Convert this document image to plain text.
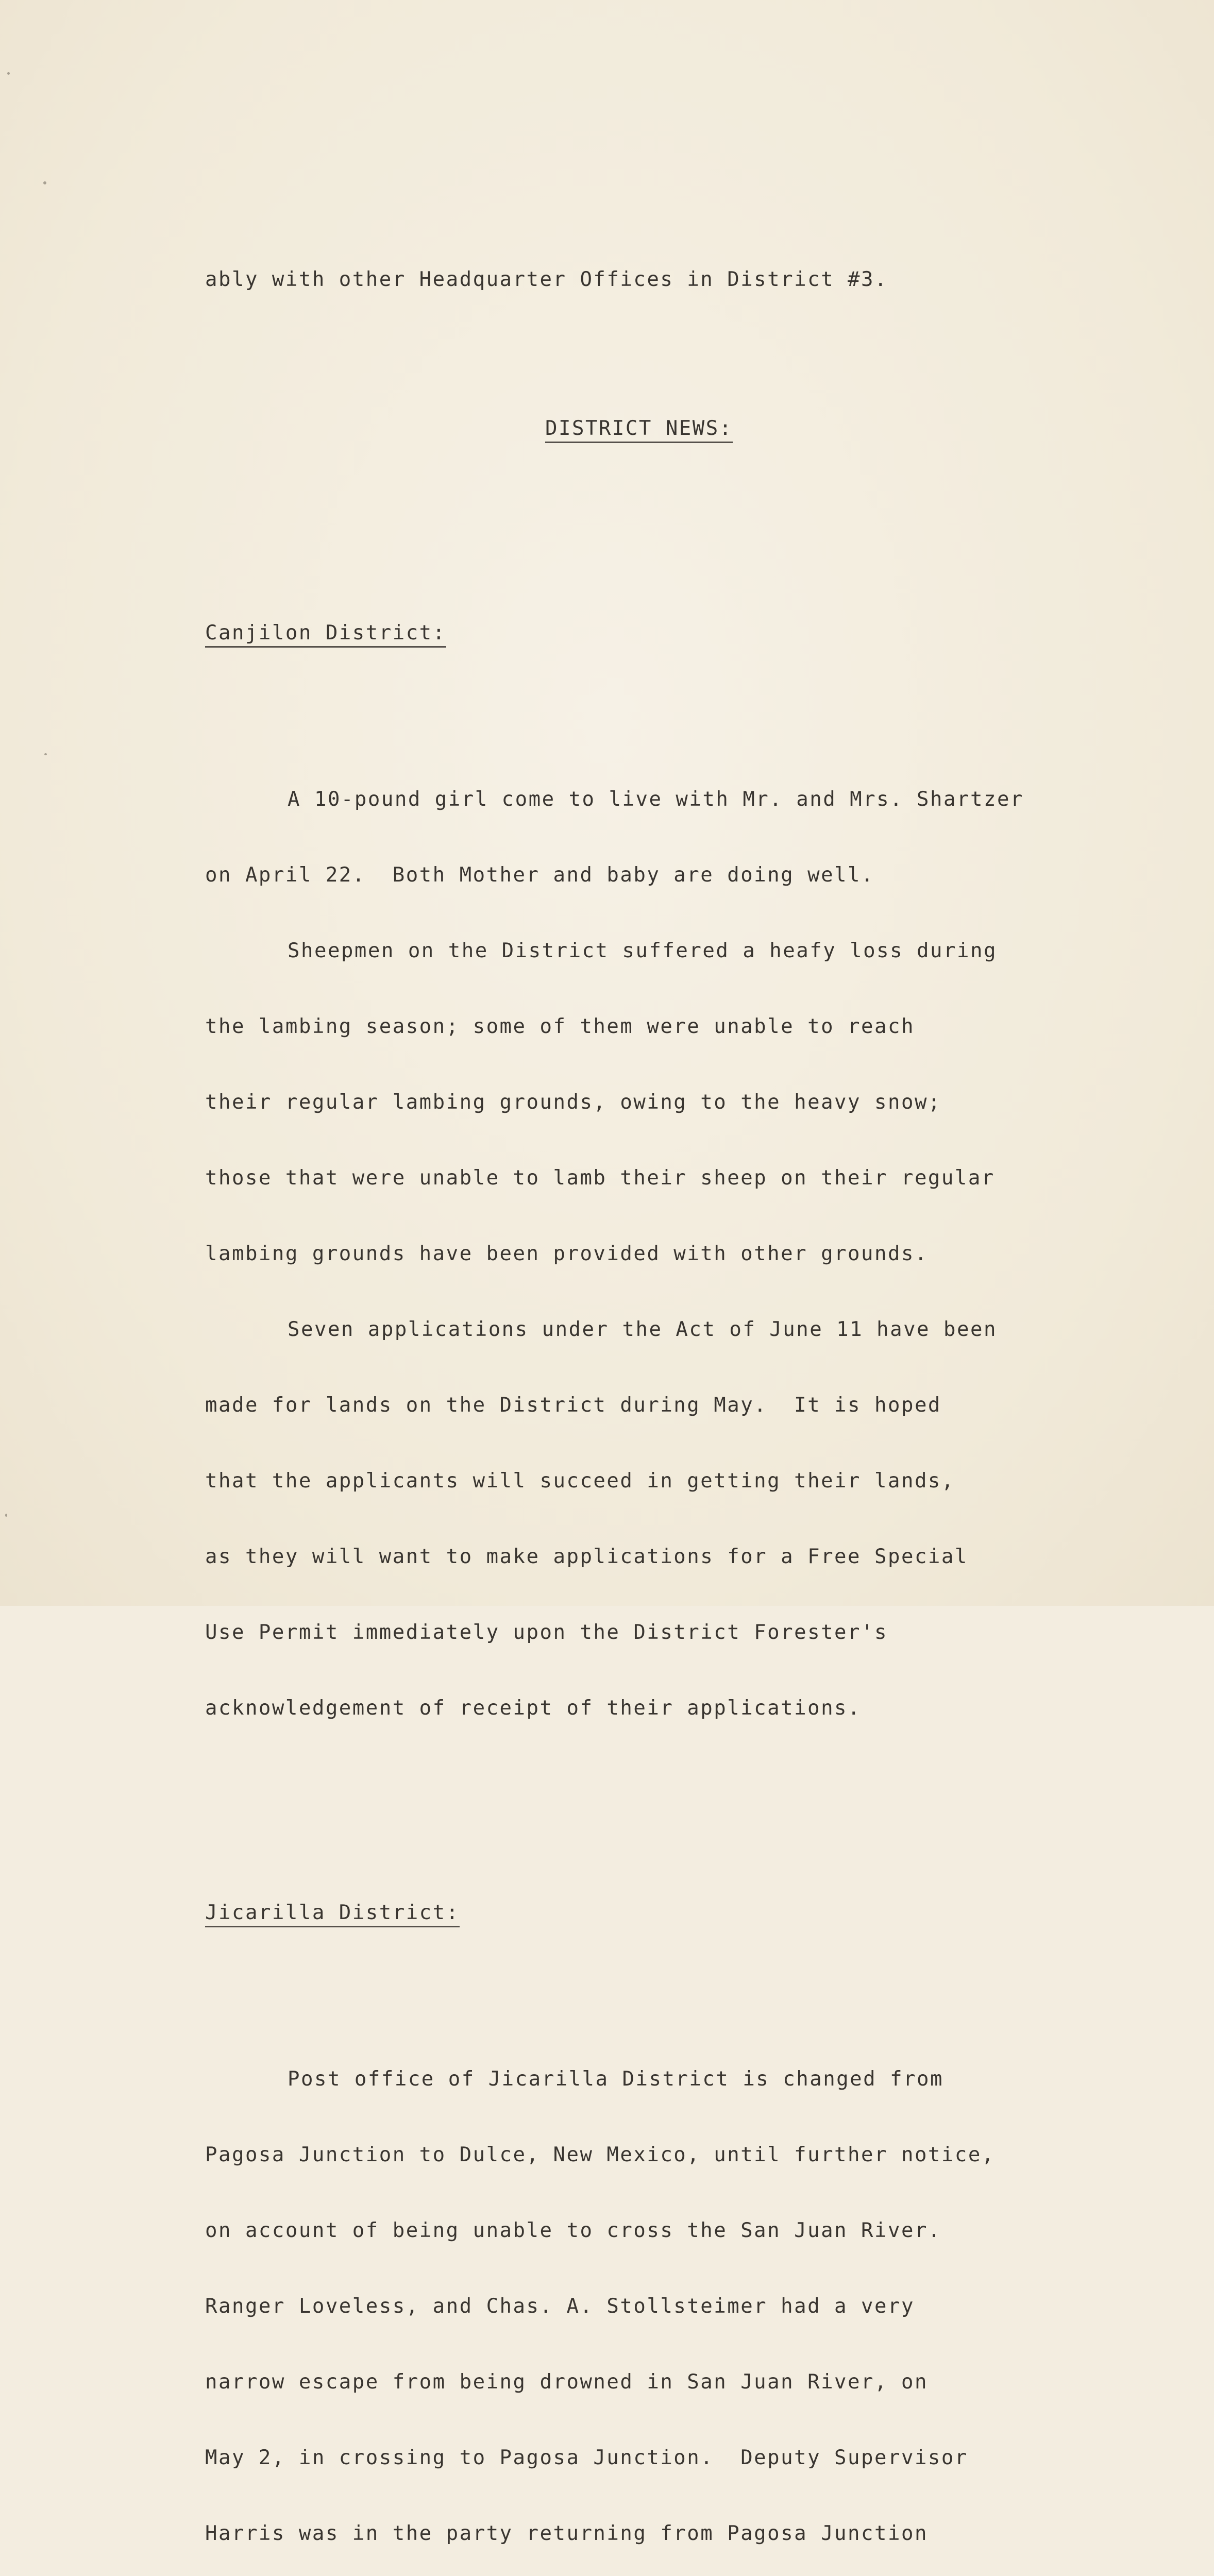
ably with other Headquarter Offices in District #3.

DISTRICT NEWS:

Canjilon District:

A 10-pound girl come to live with Mr. and Mrs. Shartzer

on April 22.  Both Mother and baby are doing well.

Sheepmen on the District suffered a heafy loss during

the lambing season; some of them were unable to reach

their regular lambing grounds, owing to the heavy snow;

those that were unable to lamb their sheep on their regular

lambing grounds have been provided with other grounds.

Seven applications under the Act of June 11 have been

made for lands on the District during May.  It is hoped

that the applicants will succeed in getting their lands,

as they will want to make applications for a Free Special

Use Permit immediately upon the District Forester's

acknowledgement of receipt of their applications.

Jicarilla District:

Post office of Jicarilla District is changed from

Pagosa Junction to Dulce, New Mexico, until further notice,

on account of being unable to cross the San Juan River.

Ranger Loveless, and Chas. A. Stollsteimer had a very

narrow escape from being drowned in San Juan River, on

May 2, in crossing to Pagosa Junction.  Deputy Supervisor

Harris was in the party returning from Pagosa Junction
